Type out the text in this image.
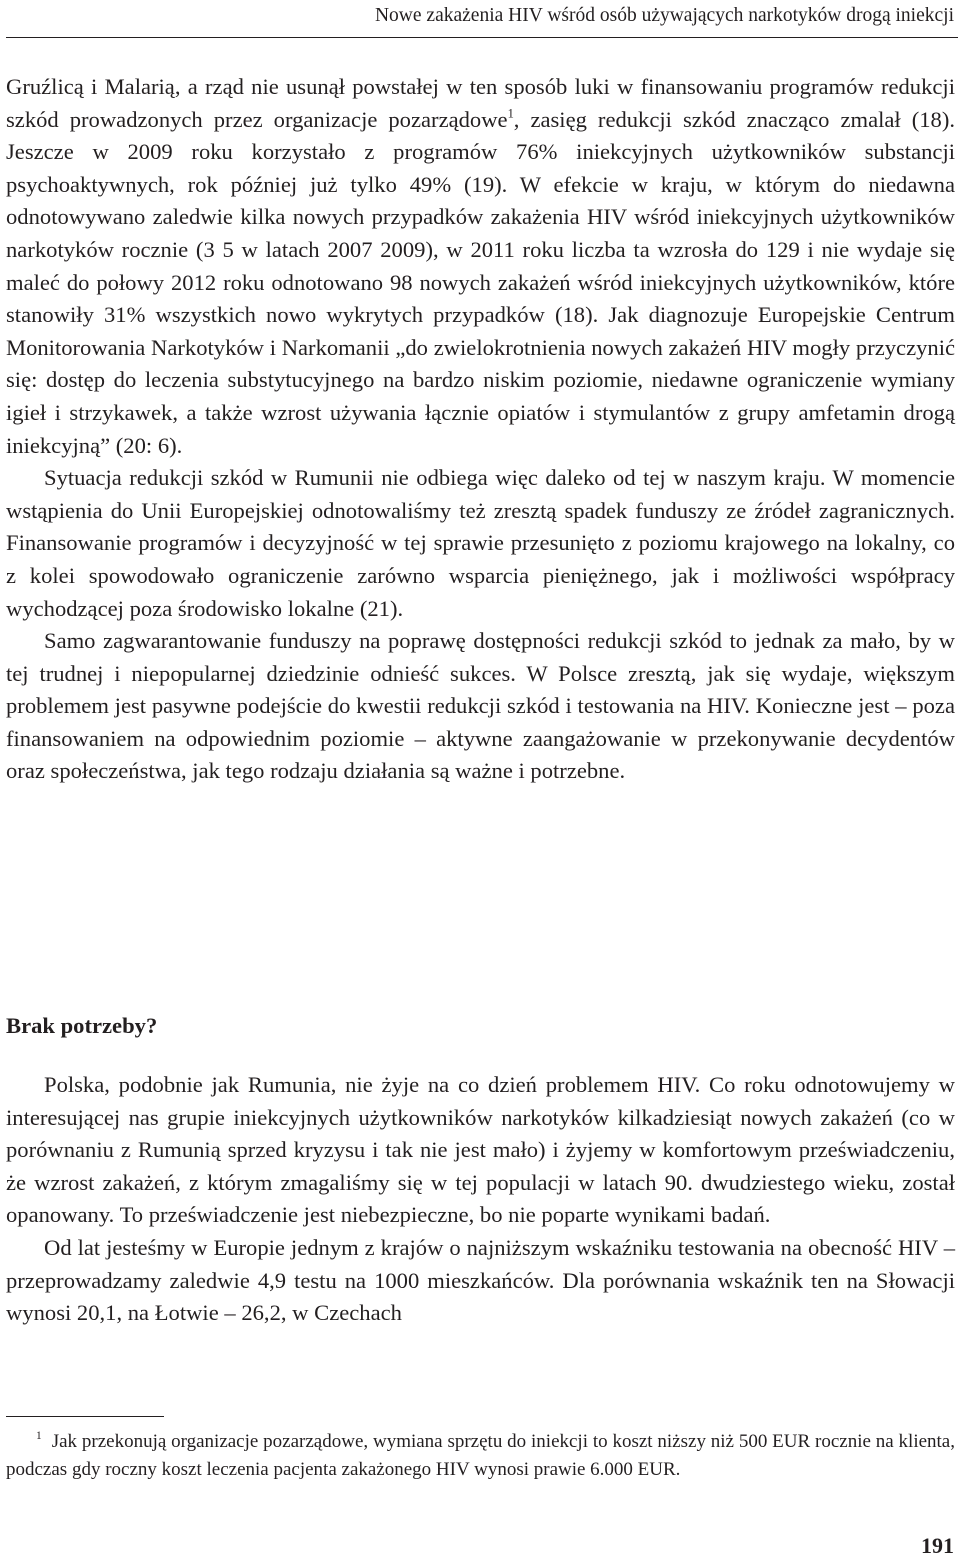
Nowe zakażenia HIV wśród osób używających narkotyków drogą iniekcji

Gruźlicą i Malarią, a rząd nie usunął powstałej w ten sposób luki w finansowaniu programów redukcji szkód prowadzonych przez organizacje pozarządowe$^1$, zasięg redukcji szkód znacząco zmalał (18). Jeszcze w 2009 roku korzystało z programów 76% iniekcyjnych użytkowników substancji psychoaktywnych, rok później już tylko 49% (19). W efekcie w kraju, w którym do niedawna odnotowywano zaledwie kilka nowych przypadków zakażenia HIV wśród iniekcyjnych użytkowników narkotyków rocznie (3 5 w latach 2007 2009), w 2011 roku liczba ta wzrosła do 129 i nie wydaje się maleć do połowy 2012 roku odnotowano 98 nowych zakażeń wśród iniekcyjnych użytkowników, które stanowiły 31% wszystkich nowo wykrytych przypadków (18). Jak diagnozuje Europejskie Centrum Monitorowania Narkotyków i Narkomanii „do zwielokrotnienia nowych zakażeń HIV mogły przyczynić się: dostęp do leczenia substytucyjnego na bardzo niskim poziomie, niedawne ograniczenie wymiany igieł i strzykawek, a także wzrost używania łącznie opiatów i stymulantów z grupy amfetamin drogą iniekcyjną” (20: 6).

Sytuacja redukcji szkód w Rumunii nie odbiega więc daleko od tej w naszym kraju. W momencie wstąpienia do Unii Europejskiej odnotowaliśmy też zresztą spadek funduszy ze źródeł zagranicznych. Finansowanie programów i decyzyjność w tej sprawie przesunięto z poziomu krajowego na lokalny, co z kolei spowodowało ograniczenie zarówno wsparcia pieniężnego, jak i możliwości współpracy wychodzącej poza środowisko lokalne (21).

Samo zagwarantowanie funduszy na poprawę dostępności redukcji szkód to jednak za mało, by w tej trudnej i niepopularnej dziedzinie odnieść sukces. W Polsce zresztą, jak się wydaje, większym problemem jest pasywne podejście do kwestii redukcji szkód i testowania na HIV. Konieczne jest – poza finansowaniem na odpowiednim poziomie – aktywne zaangażowanie w przekonywanie decydentów oraz społeczeństwa, jak tego rodzaju działania są ważne i potrzebne.

Brak potrzeby?

Polska, podobnie jak Rumunia, nie żyje na co dzień problemem HIV. Co roku odnotowujemy w interesującej nas grupie iniekcyjnych użytkowników narkotyków kilkadziesiąt nowych zakażeń (co w porównaniu z Rumunią sprzed kryzysu i tak nie jest mało) i żyjemy w komfortowym przeświadczeniu, że wzrost zakażeń, z którym zmagaliśmy się w tej populacji w latach 90. dwudziestego wieku, został opanowany. To przeświadczenie jest niebezpieczne, bo nie poparte wynikami badań.

Od lat jesteśmy w Europie jednym z krajów o najniższym wskaźniku testowania na obecność HIV – przeprowadzamy zaledwie 4,9 testu na 1000 mieszkańców. Dla porównania wskaźnik ten na Słowacji wynosi 20,1, na Łotwie – 26,2, w Czechach

$^1$ Jak przekonują organizacje pozarządowe, wymiana sprzętu do iniekcji to koszt niższy niż 500 EUR rocznie na klienta, podczas gdy roczny koszt leczenia pacjenta zakażonego HIV wynosi prawie 6.000 EUR.
191
